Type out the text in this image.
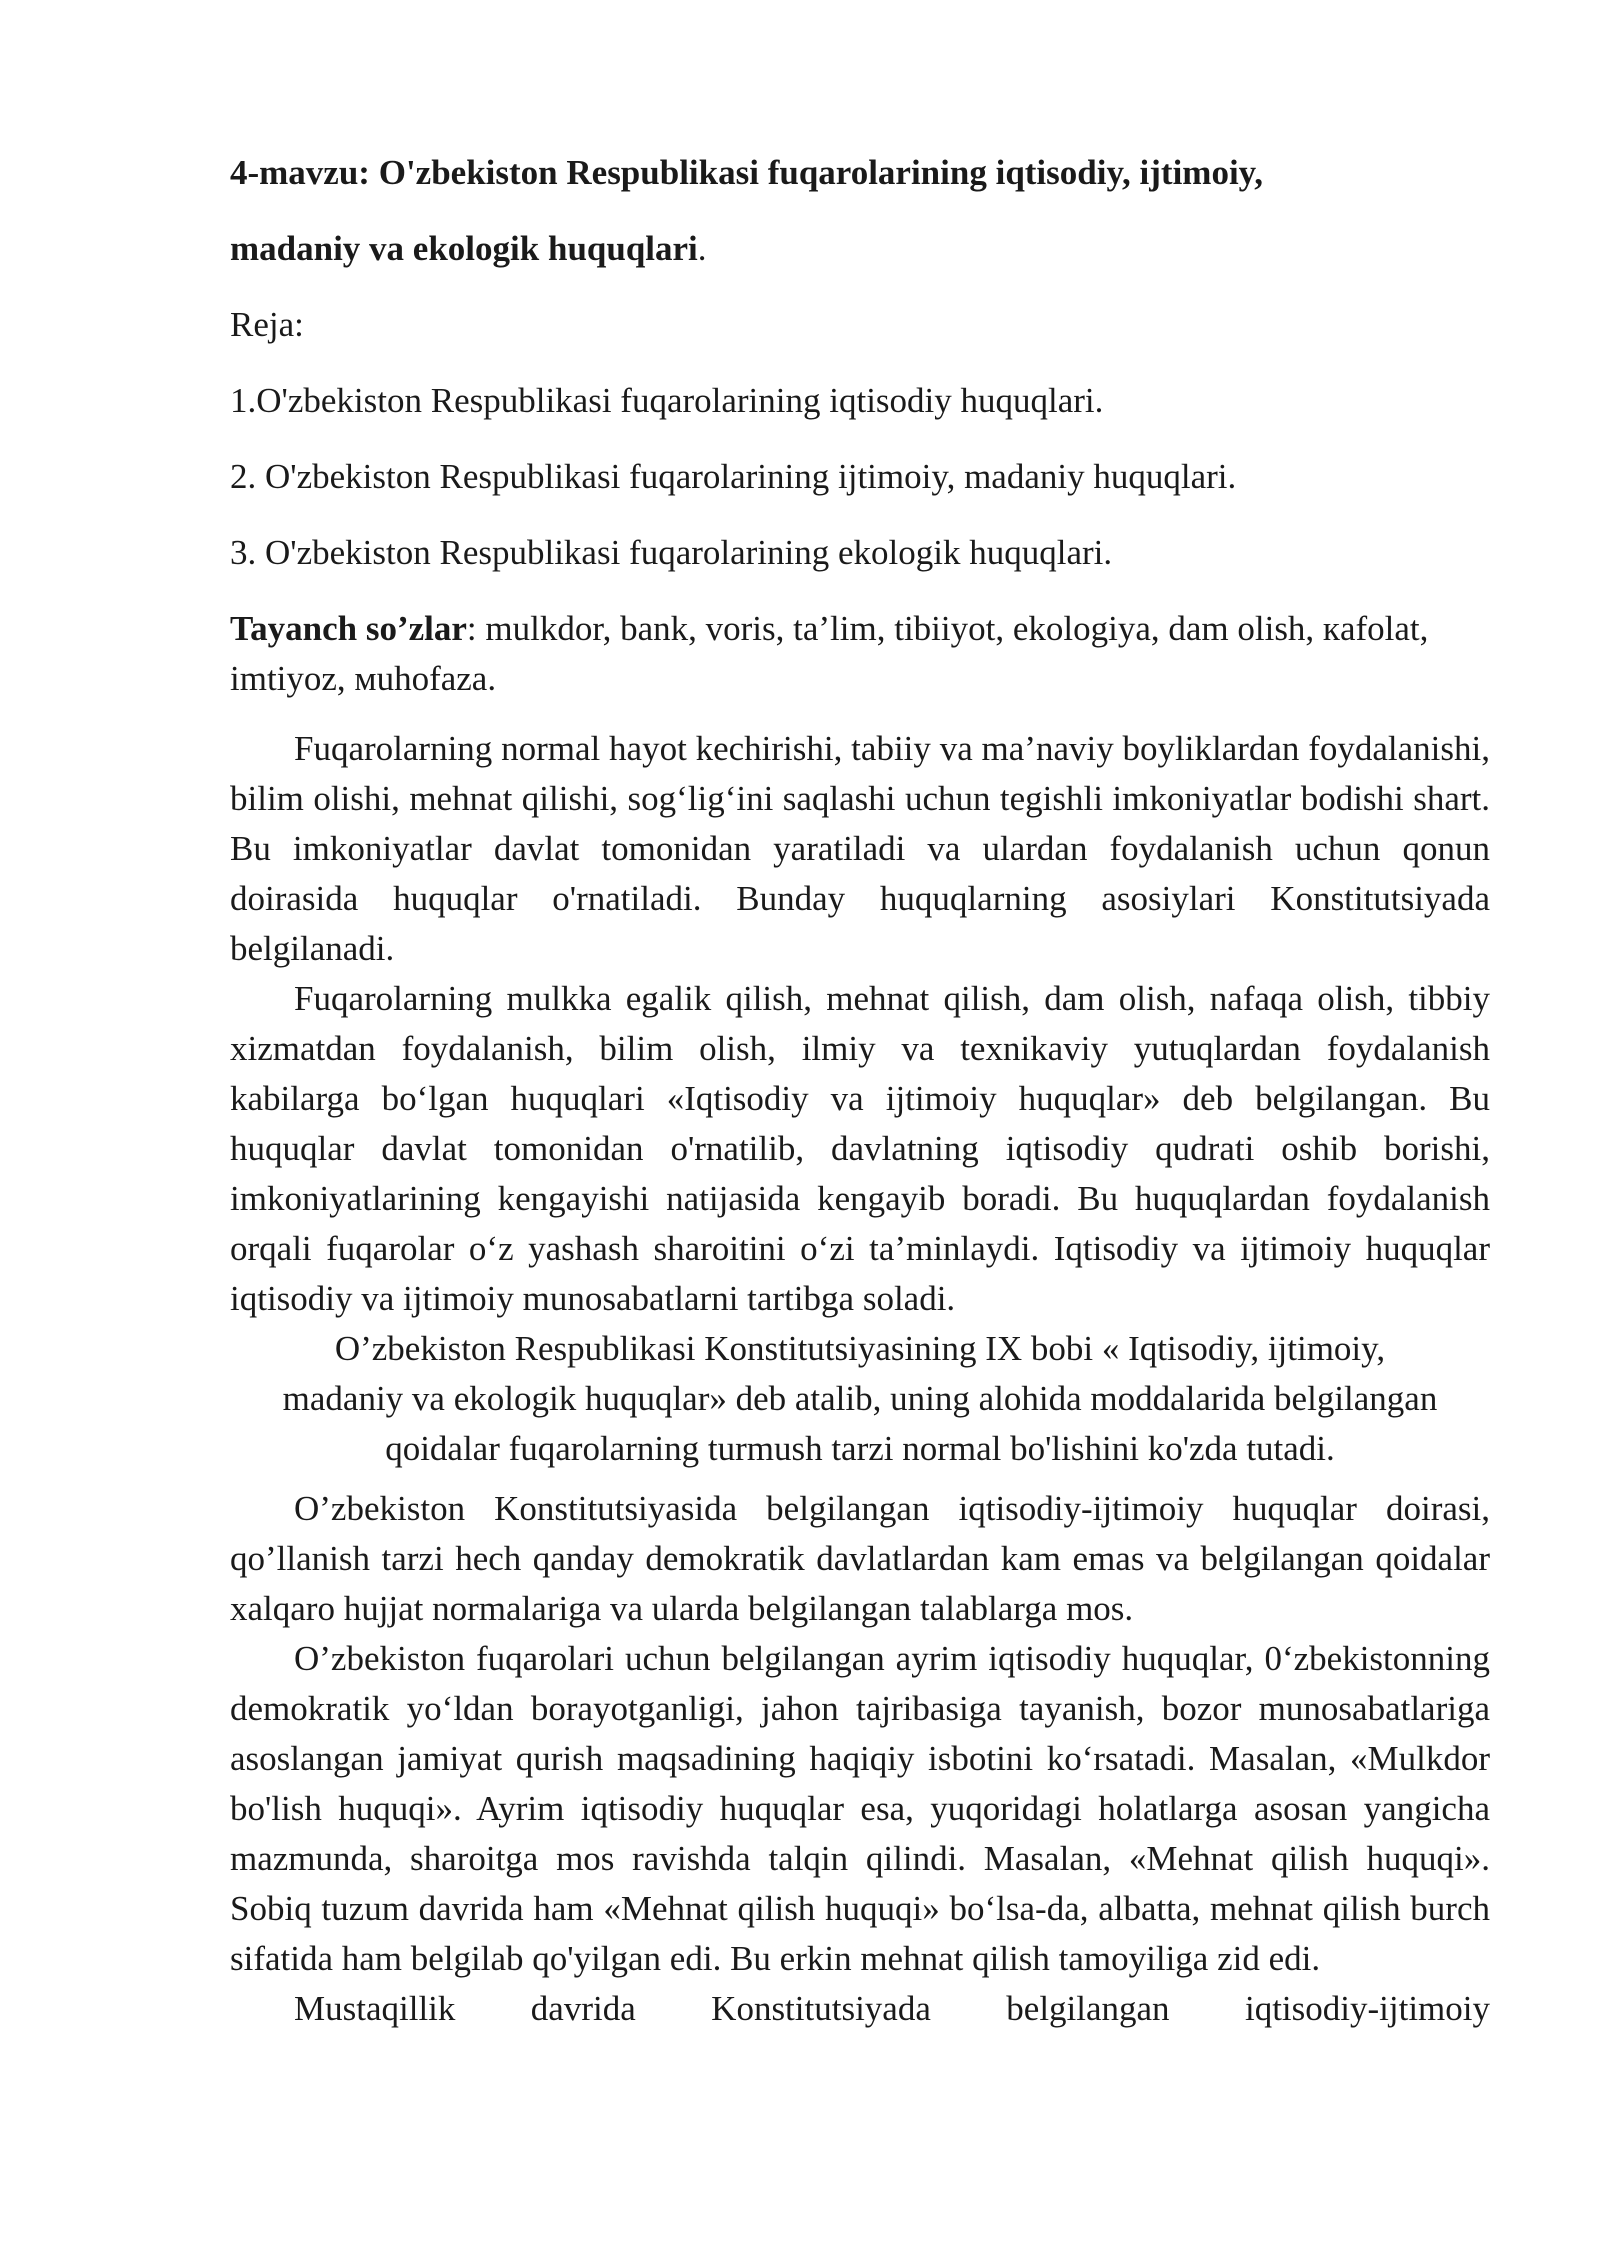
4-mavzu: O'zbekiston Respublikasi fuqarolarining iqtisodiy, ijtimoiy,

madaniy va ekologik huquqlari.

Reja:

1.O'zbekiston Respublikasi fuqarolarining iqtisodiy huquqlari.

2. O'zbekiston Respublikasi fuqarolarining ijtimoiy, madaniy huquqlari.

3. O'zbekiston Respublikasi fuqarolarining ekologik huquqlari.

Tayanch so’zlar: mulkdor, bank, voris, ta’lim, tibiiyot, ekologiya, dam olish, кafolat, imtiyoz, мuhofaza.

Fuqarolarning normal hayot kechirishi, tabiiy va ma’naviy boyliklardan foydalanishi, bilim olishi, mehnat qilishi, sog‘lig‘ini saqlashi uchun tegishli imkoniyatlar bodishi shart. Bu imkoniyatlar davlat tomonidan yaratiladi va ulardan foydalanish uchun qonun doirasida huquqlar o'rnatiladi. Bunday huquqlarning asosiylari Konstitutsiyada belgilanadi.

Fuqarolarning mulkka egalik qilish, mehnat qilish, dam olish, nafaqa olish, tibbiy xizmatdan foydalanish, bilim olish, ilmiy va texnikaviy yutuqlardan foydalanish kabilarga bo‘lgan huquqlari «Iqtisodiy va ijtimoiy huquqlar» deb belgilangan. Bu huquqlar davlat tomonidan o'rnatilib, davlatning iqtisodiy qudrati oshib borishi, imkoniyatlarining kengayishi natijasida kengayib boradi. Bu huquqlardan foydalanish orqali fuqarolar o‘z yashash sharoitini o‘zi ta’minlaydi. Iqtisodiy va ijtimoiy huquqlar iqtisodiy va ijtimoiy munosabatlarni tartibga soladi.

O’zbekiston Respublikasi Konstitutsiyasining IX bobi « Iqtisodiy, ijtimoiy,

madaniy va ekologik huquqlar» deb atalib, uning alohida moddalarida belgilangan

qoidalar fuqarolarning turmush tarzi normal bo'lishini ko'zda tutadi.

O’zbekiston Konstitutsiyasida belgilangan iqtisodiy-ijtimoiy huquqlar doirasi, qo’llanish tarzi hech qanday demokratik davlatlardan kam emas va belgilangan qoidalar xalqaro hujjat normalariga va ularda belgilangan talablarga mos.

O’zbekiston fuqarolari uchun belgilangan ayrim iqtisodiy huquqlar, 0‘zbekistonning demokratik yo‘ldan borayotganligi, jahon tajribasiga tayanish, bozor munosabatlariga asoslangan jamiyat qurish maqsadining haqiqiy isbotini ko‘rsatadi. Masalan, «Mulkdor bo'lish huquqi». Ayrim iqtisodiy huquqlar esa, yuqoridagi holatlarga asosan yangicha mazmunda, sharoitga mos ravishda talqin qilindi. Masalan, «Mehnat qilish huquqi». Sobiq tuzum davrida ham «Mehnat qilish huquqi» bo‘lsa-da, albatta, mehnat qilish burch sifatida ham belgilab qo'yilgan edi. Bu erkin mehnat qilish tamoyiliga zid edi.

Mustaqillik davrida Konstitutsiyada belgilangan iqtisodiy-ijtimoiy
